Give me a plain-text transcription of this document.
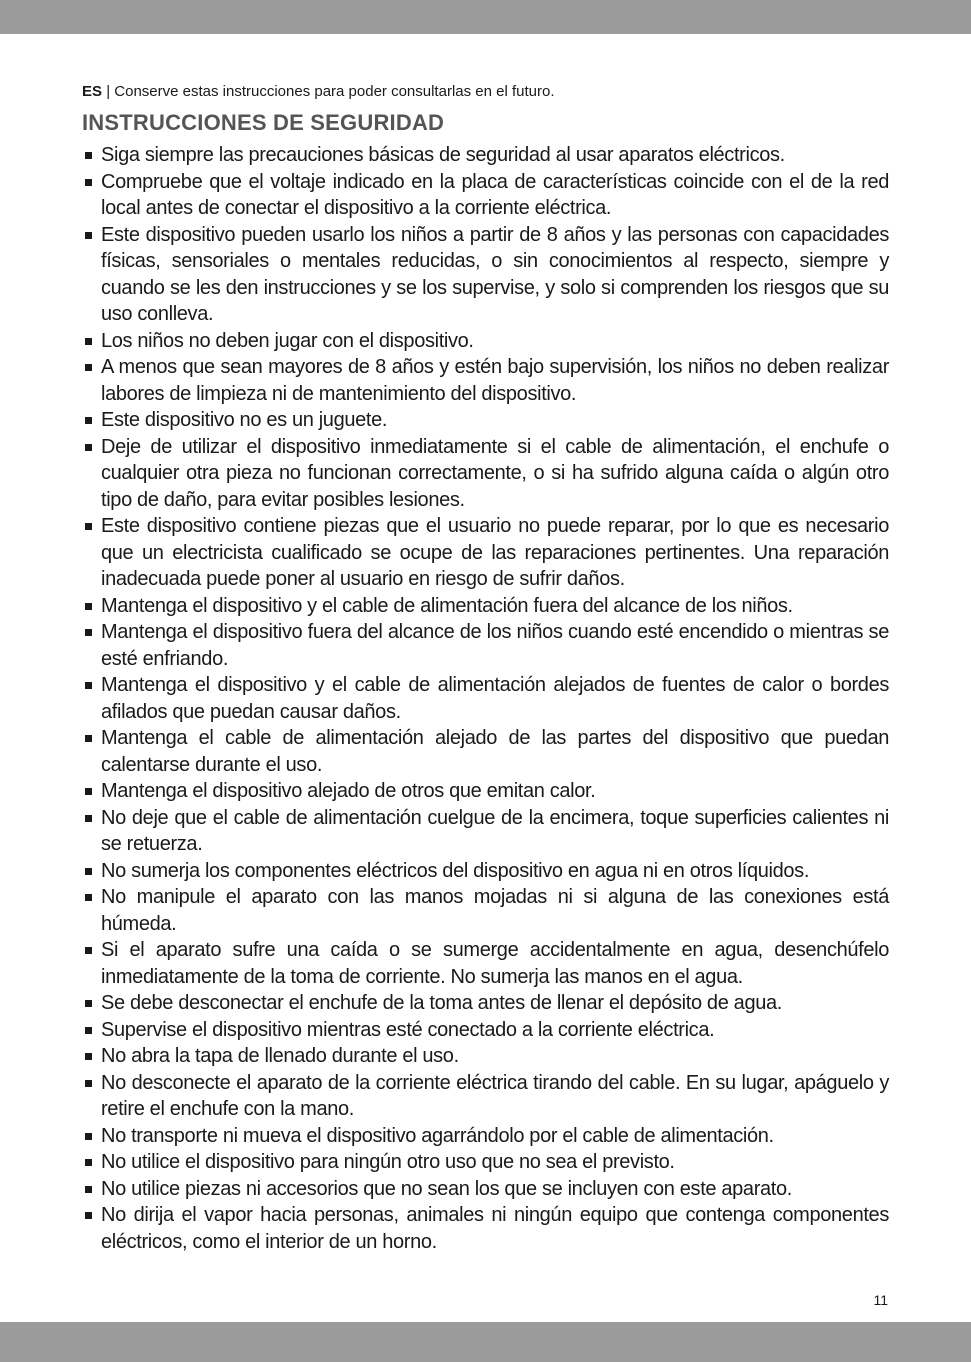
ES | Conserve estas instrucciones para poder consultarlas en el futuro.
INSTRUCCIONES DE SEGURIDAD
Siga siempre las precauciones básicas de seguridad al usar aparatos eléctricos.
Compruebe que el voltaje indicado en la placa de características coincide con el de la red local antes de conectar el dispositivo a la corriente eléctrica.
Este dispositivo pueden usarlo los niños a partir de 8 años y las personas con capacidades físicas, sensoriales o mentales reducidas, o sin conocimientos al respecto, siempre y cuando se les den instrucciones y se los supervise, y solo si comprenden los riesgos que su uso conlleva.
Los niños no deben jugar con el dispositivo.
A menos que sean mayores de 8 años y estén bajo supervisión, los niños no deben realizar labores de limpieza ni de mantenimiento del dispositivo.
Este dispositivo no es un juguete.
Deje de utilizar el dispositivo inmediatamente si el cable de alimentación, el enchufe o cualquier otra pieza no funcionan correctamente, o si ha sufrido alguna caída o algún otro tipo de daño, para evitar posibles lesiones.
Este dispositivo contiene piezas que el usuario no puede reparar, por lo que es necesario que un electricista cualificado se ocupe de las reparaciones pertinentes. Una reparación inadecuada puede poner al usuario en riesgo de sufrir daños.
Mantenga el dispositivo y el cable de alimentación fuera del alcance de los niños.
Mantenga el dispositivo fuera del alcance de los niños cuando esté encendido o mientras se esté enfriando.
Mantenga el dispositivo y el cable de alimentación alejados de fuentes de calor o bordes afilados que puedan causar daños.
Mantenga el cable de alimentación alejado de las partes del dispositivo que puedan calentarse durante el uso.
Mantenga el dispositivo alejado de otros que emitan calor.
No deje que el cable de alimentación cuelgue de la encimera, toque superficies calientes ni se retuerza.
No sumerja los componentes eléctricos del dispositivo en agua ni en otros líquidos.
No manipule el aparato con las manos mojadas ni si alguna de las conexiones está húmeda.
Si el aparato sufre una caída o se sumerge accidentalmente en agua, desenchúfelo inmediatamente de la toma de corriente. No sumerja las manos en el agua.
Se debe desconectar el enchufe de la toma antes de llenar el depósito de agua.
Supervise el dispositivo mientras esté conectado a la corriente eléctrica.
No abra la tapa de llenado durante el uso.
No desconecte el aparato de la corriente eléctrica tirando del cable. En su lugar, apáguelo y retire el enchufe con la mano.
No transporte ni mueva el dispositivo agarrándolo por el cable de alimentación.
No utilice el dispositivo para ningún otro uso que no sea el previsto.
No utilice piezas ni accesorios que no sean los que se incluyen con este aparato.
No dirija el vapor hacia personas, animales ni ningún equipo que contenga componentes eléctricos, como el interior de un horno.
11
